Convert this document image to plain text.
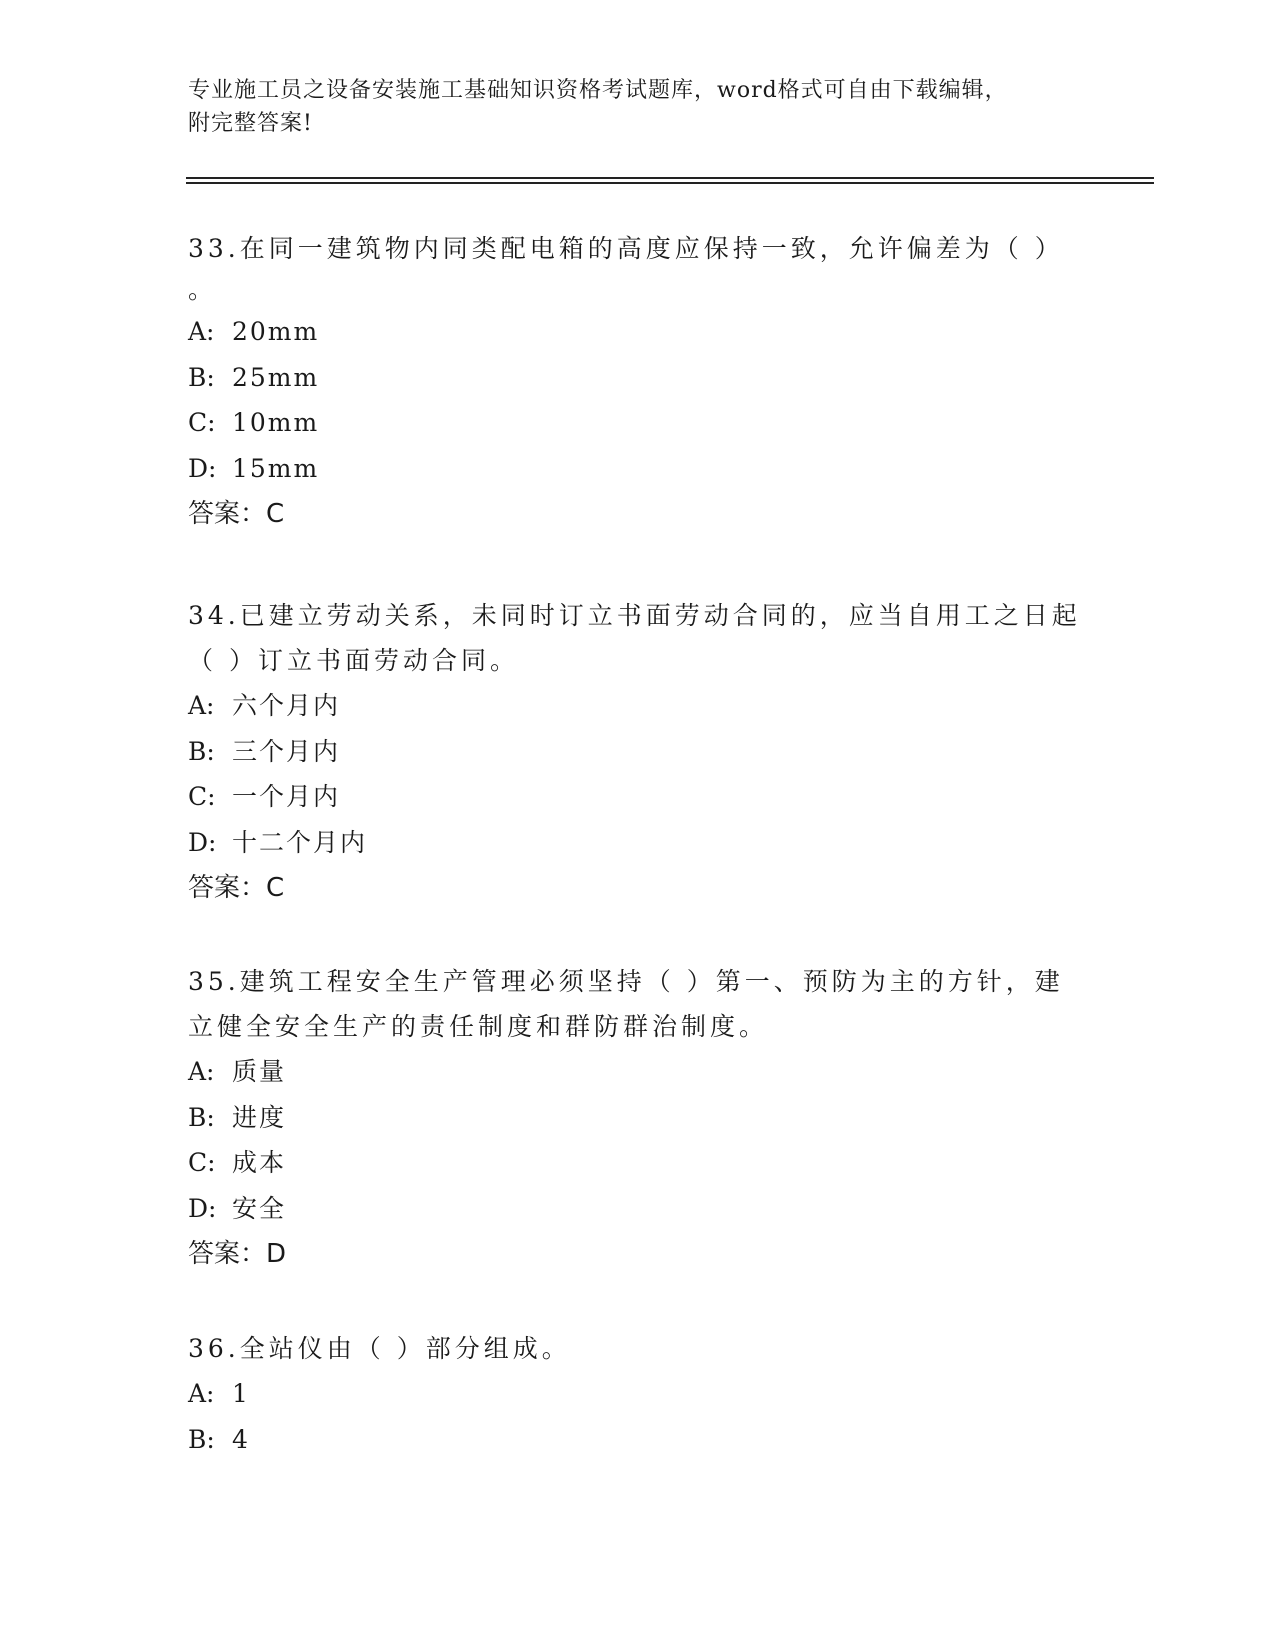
专业施工员之设备安装施工基础知识资格考试题库，word格式可自由下载编辑，
附完整答案!

33.在同一建筑物内同类配电箱的高度应保持一致，允许偏差为（ ）

。

A: 20mm

B: 25mm

C: 10mm

D: 15mm

答案：C

34.已建立劳动关系，未同时订立书面劳动合同的，应当自用工之日起

（ ）订立书面劳动合同。

A: 六个月内

B: 三个月内

C: 一个月内

D: 十二个月内

答案：C

35.建筑工程安全生产管理必须坚持（ ）第一、预防为主的方针，建

立健全安全生产的责任制度和群防群治制度。

A: 质量

B: 进度

C: 成本

D: 安全

答案：D

36.全站仪由（ ）部分组成。

A: 1

B: 4
